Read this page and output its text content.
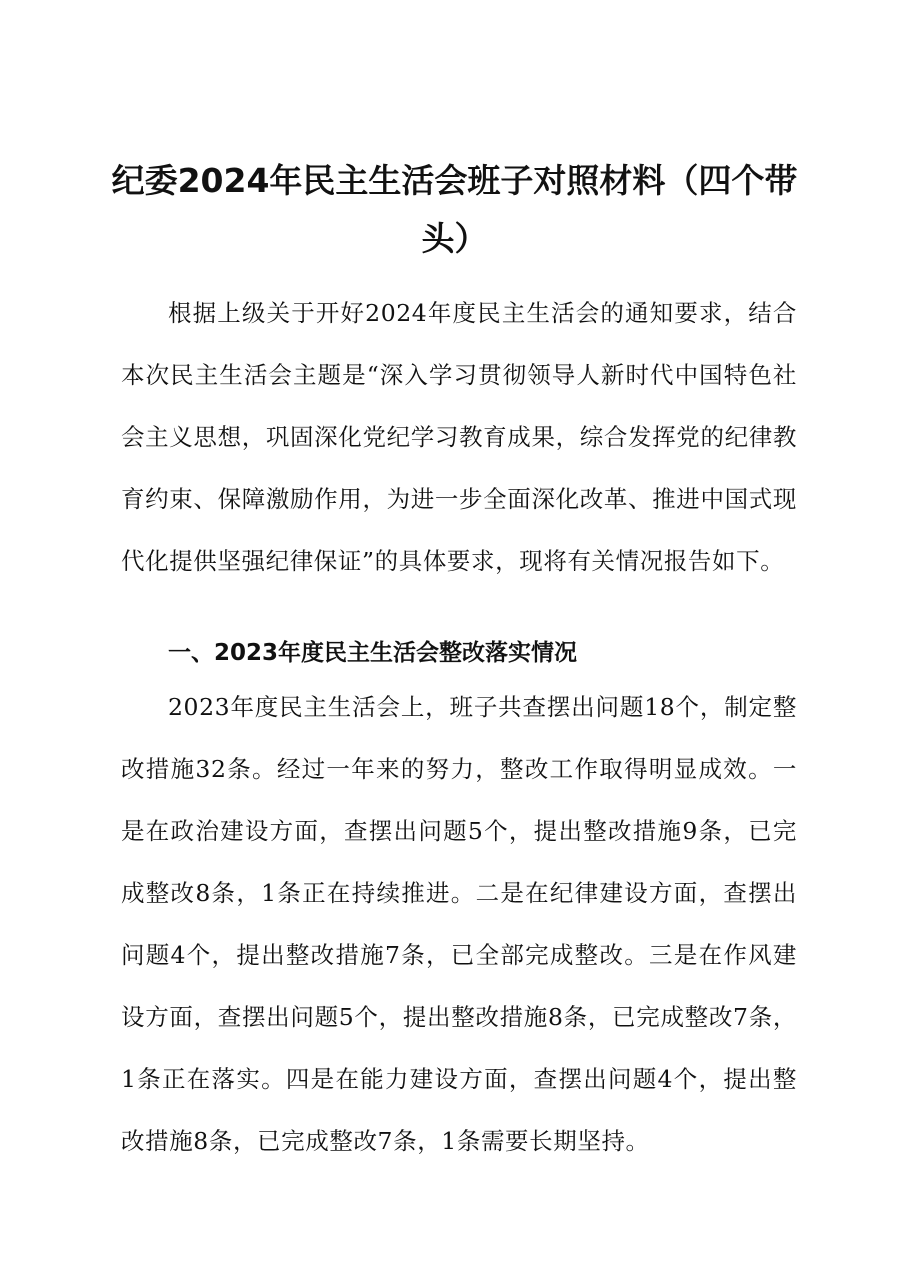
纪委2024年民主生活会班子对照材料（四个带头）

根据上级关于开好2024年度民主生活会的通知要求，结合本次民主生活会主题是“深入学习贯彻领导人新时代中国特色社会主义思想，巩固深化党纪学习教育成果，综合发挥党的纪律教育约束、保障激励作用，为进一步全面深化改革、推进中国式现代化提供坚强纪律保证”的具体要求，现将有关情况报告如下。

一、2023年度民主生活会整改落实情况

2023年度民主生活会上，班子共查摆出问题18个，制定整改措施32条。经过一年来的努力，整改工作取得明显成效。一是在政治建设方面，查摆出问题5个，提出整改措施9条，已完成整改8条，1条正在持续推进。二是在纪律建设方面，查摆出问题4个，提出整改措施7条，已全部完成整改。三是在作风建设方面，查摆出问题5个，提出整改措施8条，已完成整改7条，1条正在落实。四是在能力建设方面，查摆出问题4个，提出整改措施8条，已完成整改7条，1条需要长期坚持。
